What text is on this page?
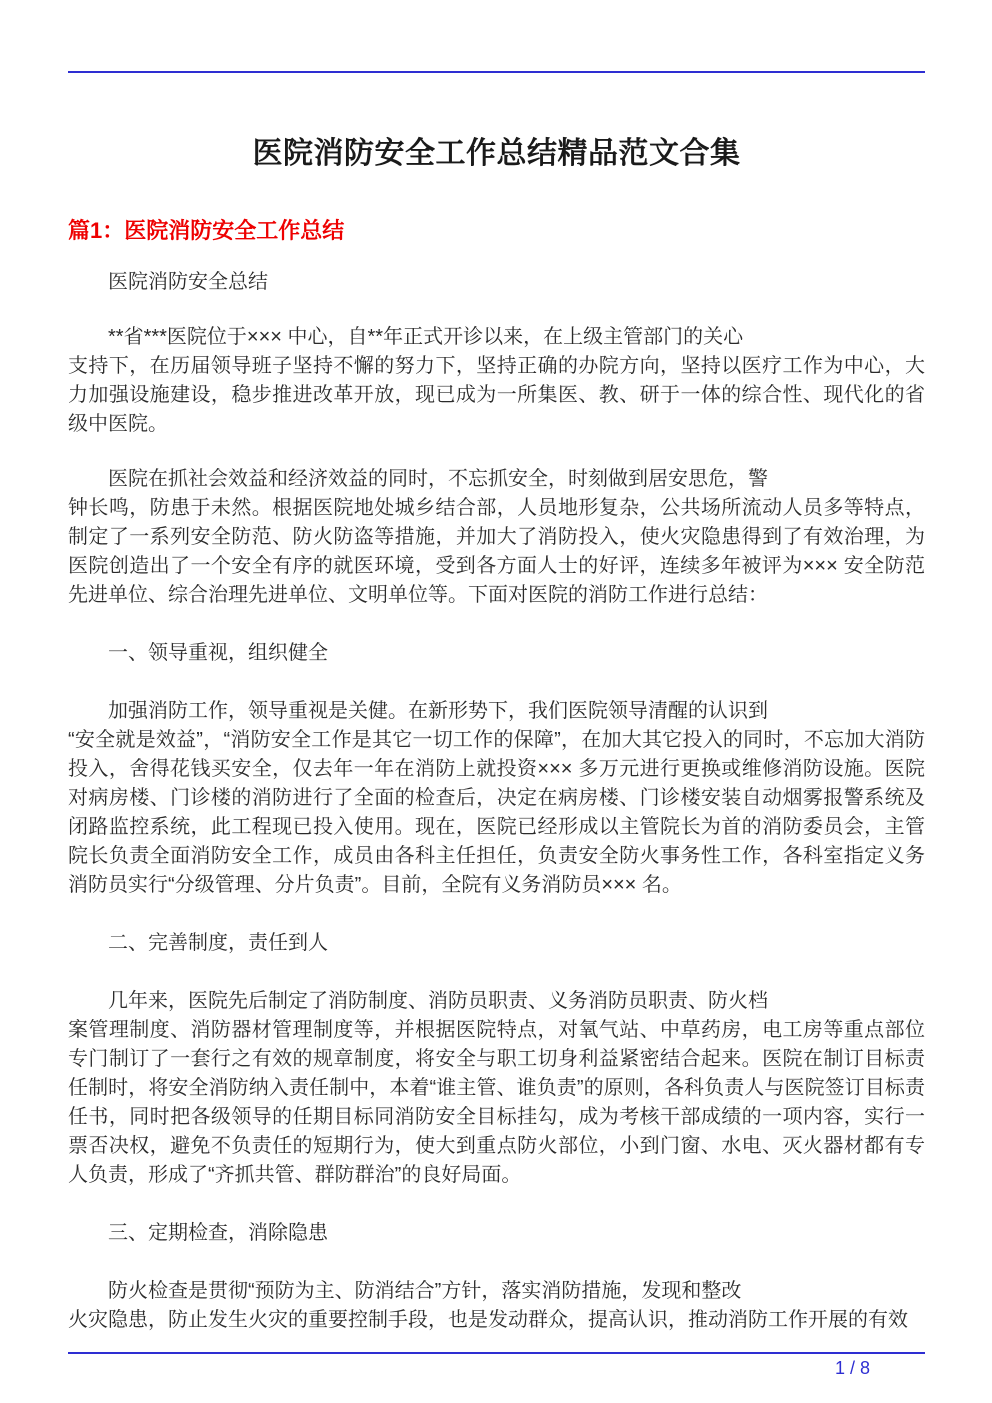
医院消防安全工作总结精品范文合集
篇1：医院消防安全工作总结

医院消防安全总结

**省***医院位于××× 中心，自**年正式开诊以来，在上级主管部门的关心
支持下，在历届领导班子坚持不懈的努力下，坚持正确的办院方向，坚持以医疗工作为中心，大力加强设施建设，稳步推进改革开放，现已成为一所集医、教、研于一体的综合性、现代化的省级中医院。

医院在抓社会效益和经济效益的同时，不忘抓安全，时刻做到居安思危，警
钟长鸣，防患于未然。根据医院地处城乡结合部，人员地形复杂，公共场所流动人员多等特点，制定了一系列安全防范、防火防盗等措施，并加大了消防投入，使火灾隐患得到了有效治理，为医院创造出了一个安全有序的就医环境，受到各方面人士的好评，连续多年被评为××× 安全防范先进单位、综合治理先进单位、文明单位等。下面对医院的消防工作进行总结：

一、领导重视，组织健全

加强消防工作，领导重视是关健。在新形势下，我们医院领导清醒的认识到
“安全就是效益”，“消防安全工作是其它一切工作的保障”，在加大其它投入的同时，不忘加大消防投入，舍得花钱买安全，仅去年一年在消防上就投资××× 多万元进行更换或维修消防设施。医院对病房楼、门诊楼的消防进行了全面的检查后，决定在病房楼、门诊楼安装自动烟雾报警系统及闭路监控系统，此工程现已投入使用。现在，医院已经形成以主管院长为首的消防委员会，主管院长负责全面消防安全工作，成员由各科主任担任，负责安全防火事务性工作，各科室指定义务消防员实行“分级管理、分片负责”。目前，全院有义务消防员××× 名。

二、完善制度，责任到人

几年来，医院先后制定了消防制度、消防员职责、义务消防员职责、防火档
案管理制度、消防器材管理制度等，并根据医院特点，对氧气站、中草药房，电工房等重点部位专门制订了一套行之有效的规章制度，将安全与职工切身利益紧密结合起来。医院在制订目标责任制时，将安全消防纳入责任制中，本着“谁主管、谁负责”的原则，各科负责人与医院签订目标责任书，同时把各级领导的任期目标同消防安全目标挂勾，成为考核干部成绩的一项内容，实行一票否决权，避免不负责任的短期行为，使大到重点防火部位，小到门窗、水电、灭火器材都有专人负责，形成了“齐抓共管、群防群治”的良好局面。

三、定期检查，消除隐患

防火检查是贯彻“预防为主、防消结合”方针，落实消防措施，发现和整改
火灾隐患，防止发生火灾的重要控制手段，也是发动群众，提高认识，推动消防工作开展的有效

1 / 8
